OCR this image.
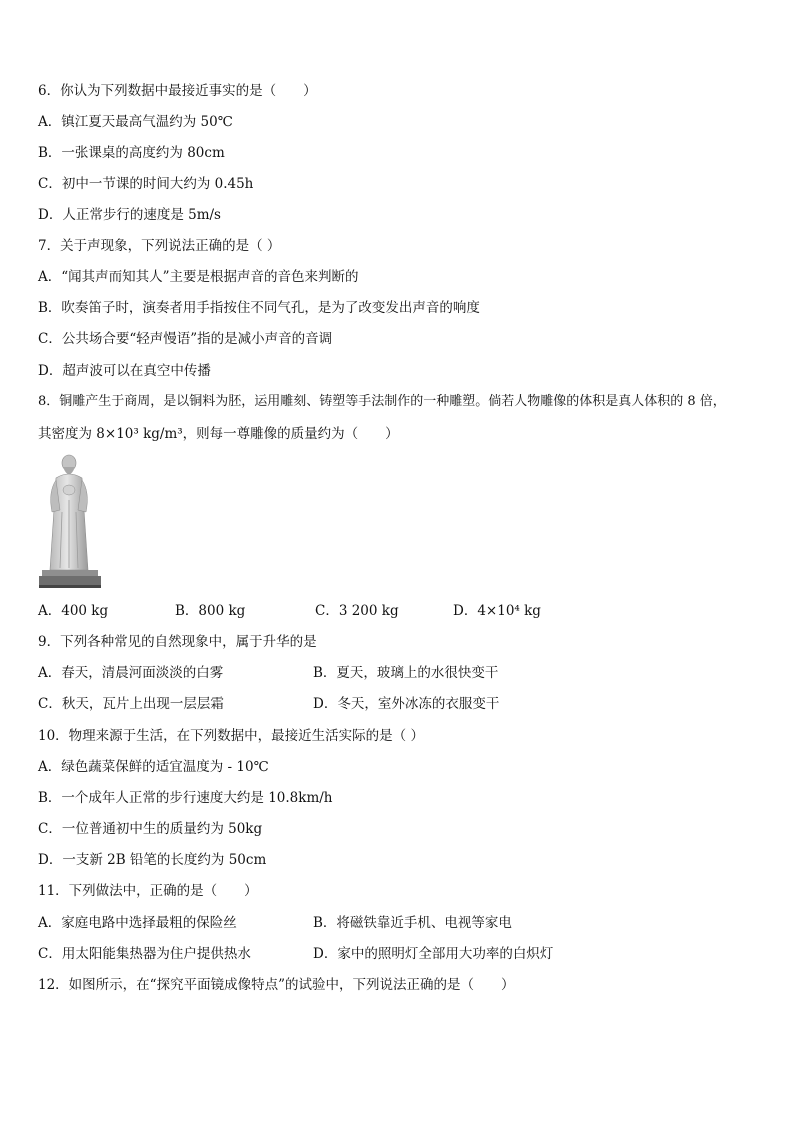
6．你认为下列数据中最接近事实的是（　　）
A．镇江夏天最高气温约为 50℃
B．一张课桌的高度约为 80cm
C．初中一节课的时间大约为 0.45h
D．人正常步行的速度是 5m/s
7．关于声现象，下列说法正确的是（ ）
A．“闻其声而知其人”主要是根据声音的音色来判断的
B．吹奏笛子时，演奏者用手指按住不同气孔，是为了改变发出声音的响度
C．公共场合要“轻声慢语”指的是减小声音的音调
D．超声波可以在真空中传播
8．铜雕产生于商周，是以铜料为胚，运用雕刻、铸塑等手法制作的一种雕塑。倘若人物雕像的体积是真人体积的 8 倍，
其密度为 8×10³ kg/m³，则每一尊雕像的质量约为（　　）
A．400 kg	B．800 kg	C．3 200 kg	D．4×10⁴ kg
9．下列各种常见的自然现象中，属于升华的是
A．春天，清晨河面淡淡的白雾	B．夏天，玻璃上的水很快变干
C．秋天，瓦片上出现一层层霜	D．冬天，室外冰冻的衣服变干
10．物理来源于生活，在下列数据中，最接近生活实际的是（ ）
A．绿色蔬菜保鲜的适宜温度为 - 10℃
B．一个成年人正常的步行速度大约是 10.8km/h
C．一位普通初中生的质量约为 50kg
D．一支新 2B 铅笔的长度约为 50cm
11．下列做法中，正确的是（　　）
A．家庭电路中选择最粗的保险丝	B．将磁铁靠近手机、电视等家电
C．用太阳能集热器为住户提供热水	D．家中的照明灯全部用大功率的白炽灯
12．如图所示，在“探究平面镜成像特点”的试验中，下列说法正确的是（　　）
